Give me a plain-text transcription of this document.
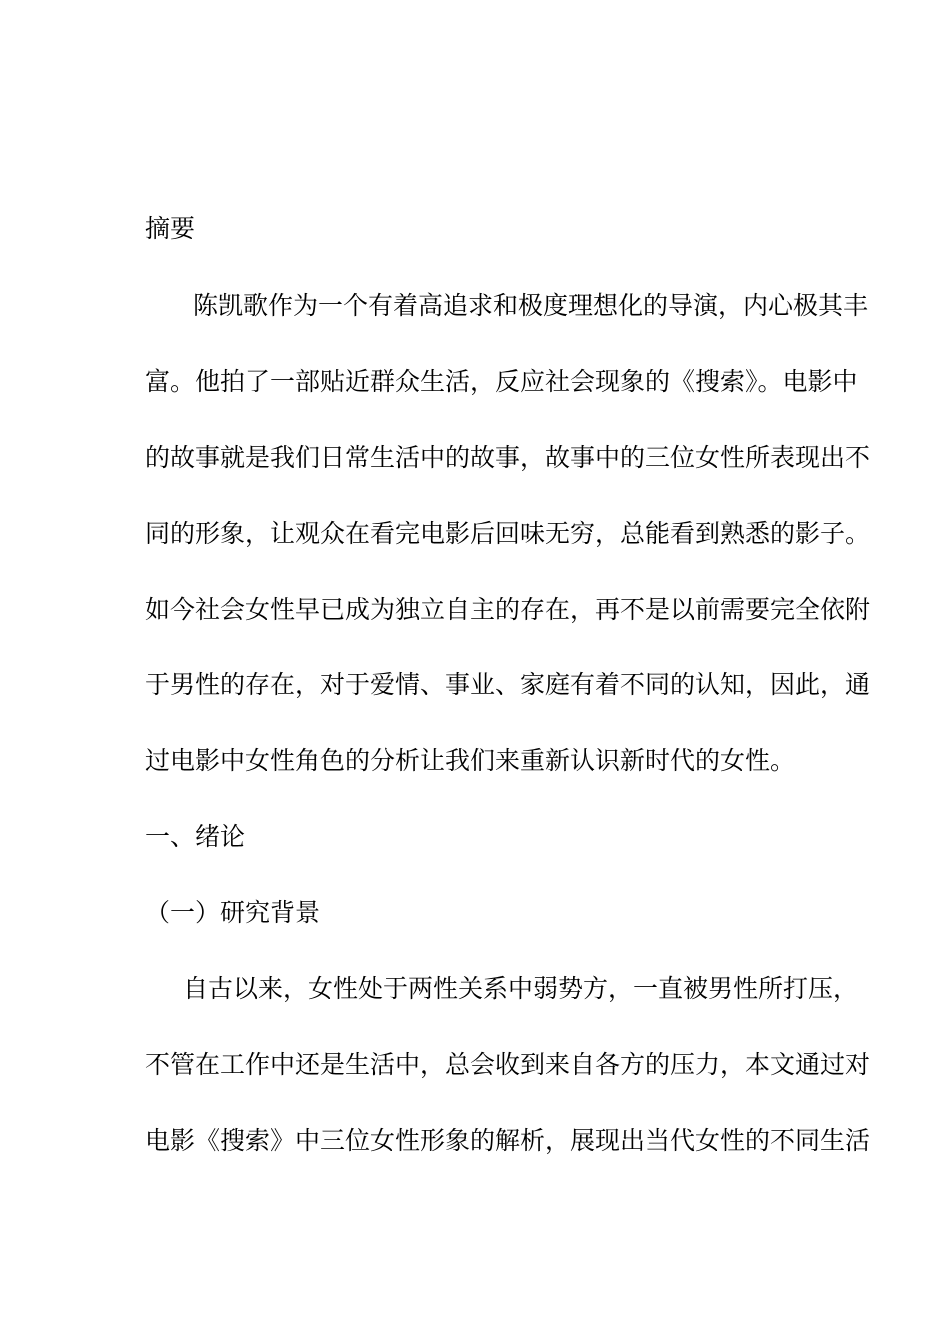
摘要
陈凯歌作为一个有着高追求和极度理想化的导演，内心极其丰
富。他拍了一部贴近群众生活，反应社会现象的《搜索》。电影中
的故事就是我们日常生活中的故事，故事中的三位女性所表现出不
同的形象，让观众在看完电影后回味无穷，总能看到熟悉的影子。
如今社会女性早已成为独立自主的存在，再不是以前需要完全依附
于男性的存在，对于爱情、事业、家庭有着不同的认知，因此，通
过电影中女性角色的分析让我们来重新认识新时代的女性。
一、绪论
（一）研究背景
自古以来，女性处于两性关系中弱势方，一直被男性所打压，
不管在工作中还是生活中，总会收到来自各方的压力，本文通过对
电影《搜索》中三位女性形象的解析，展现出当代女性的不同生活
